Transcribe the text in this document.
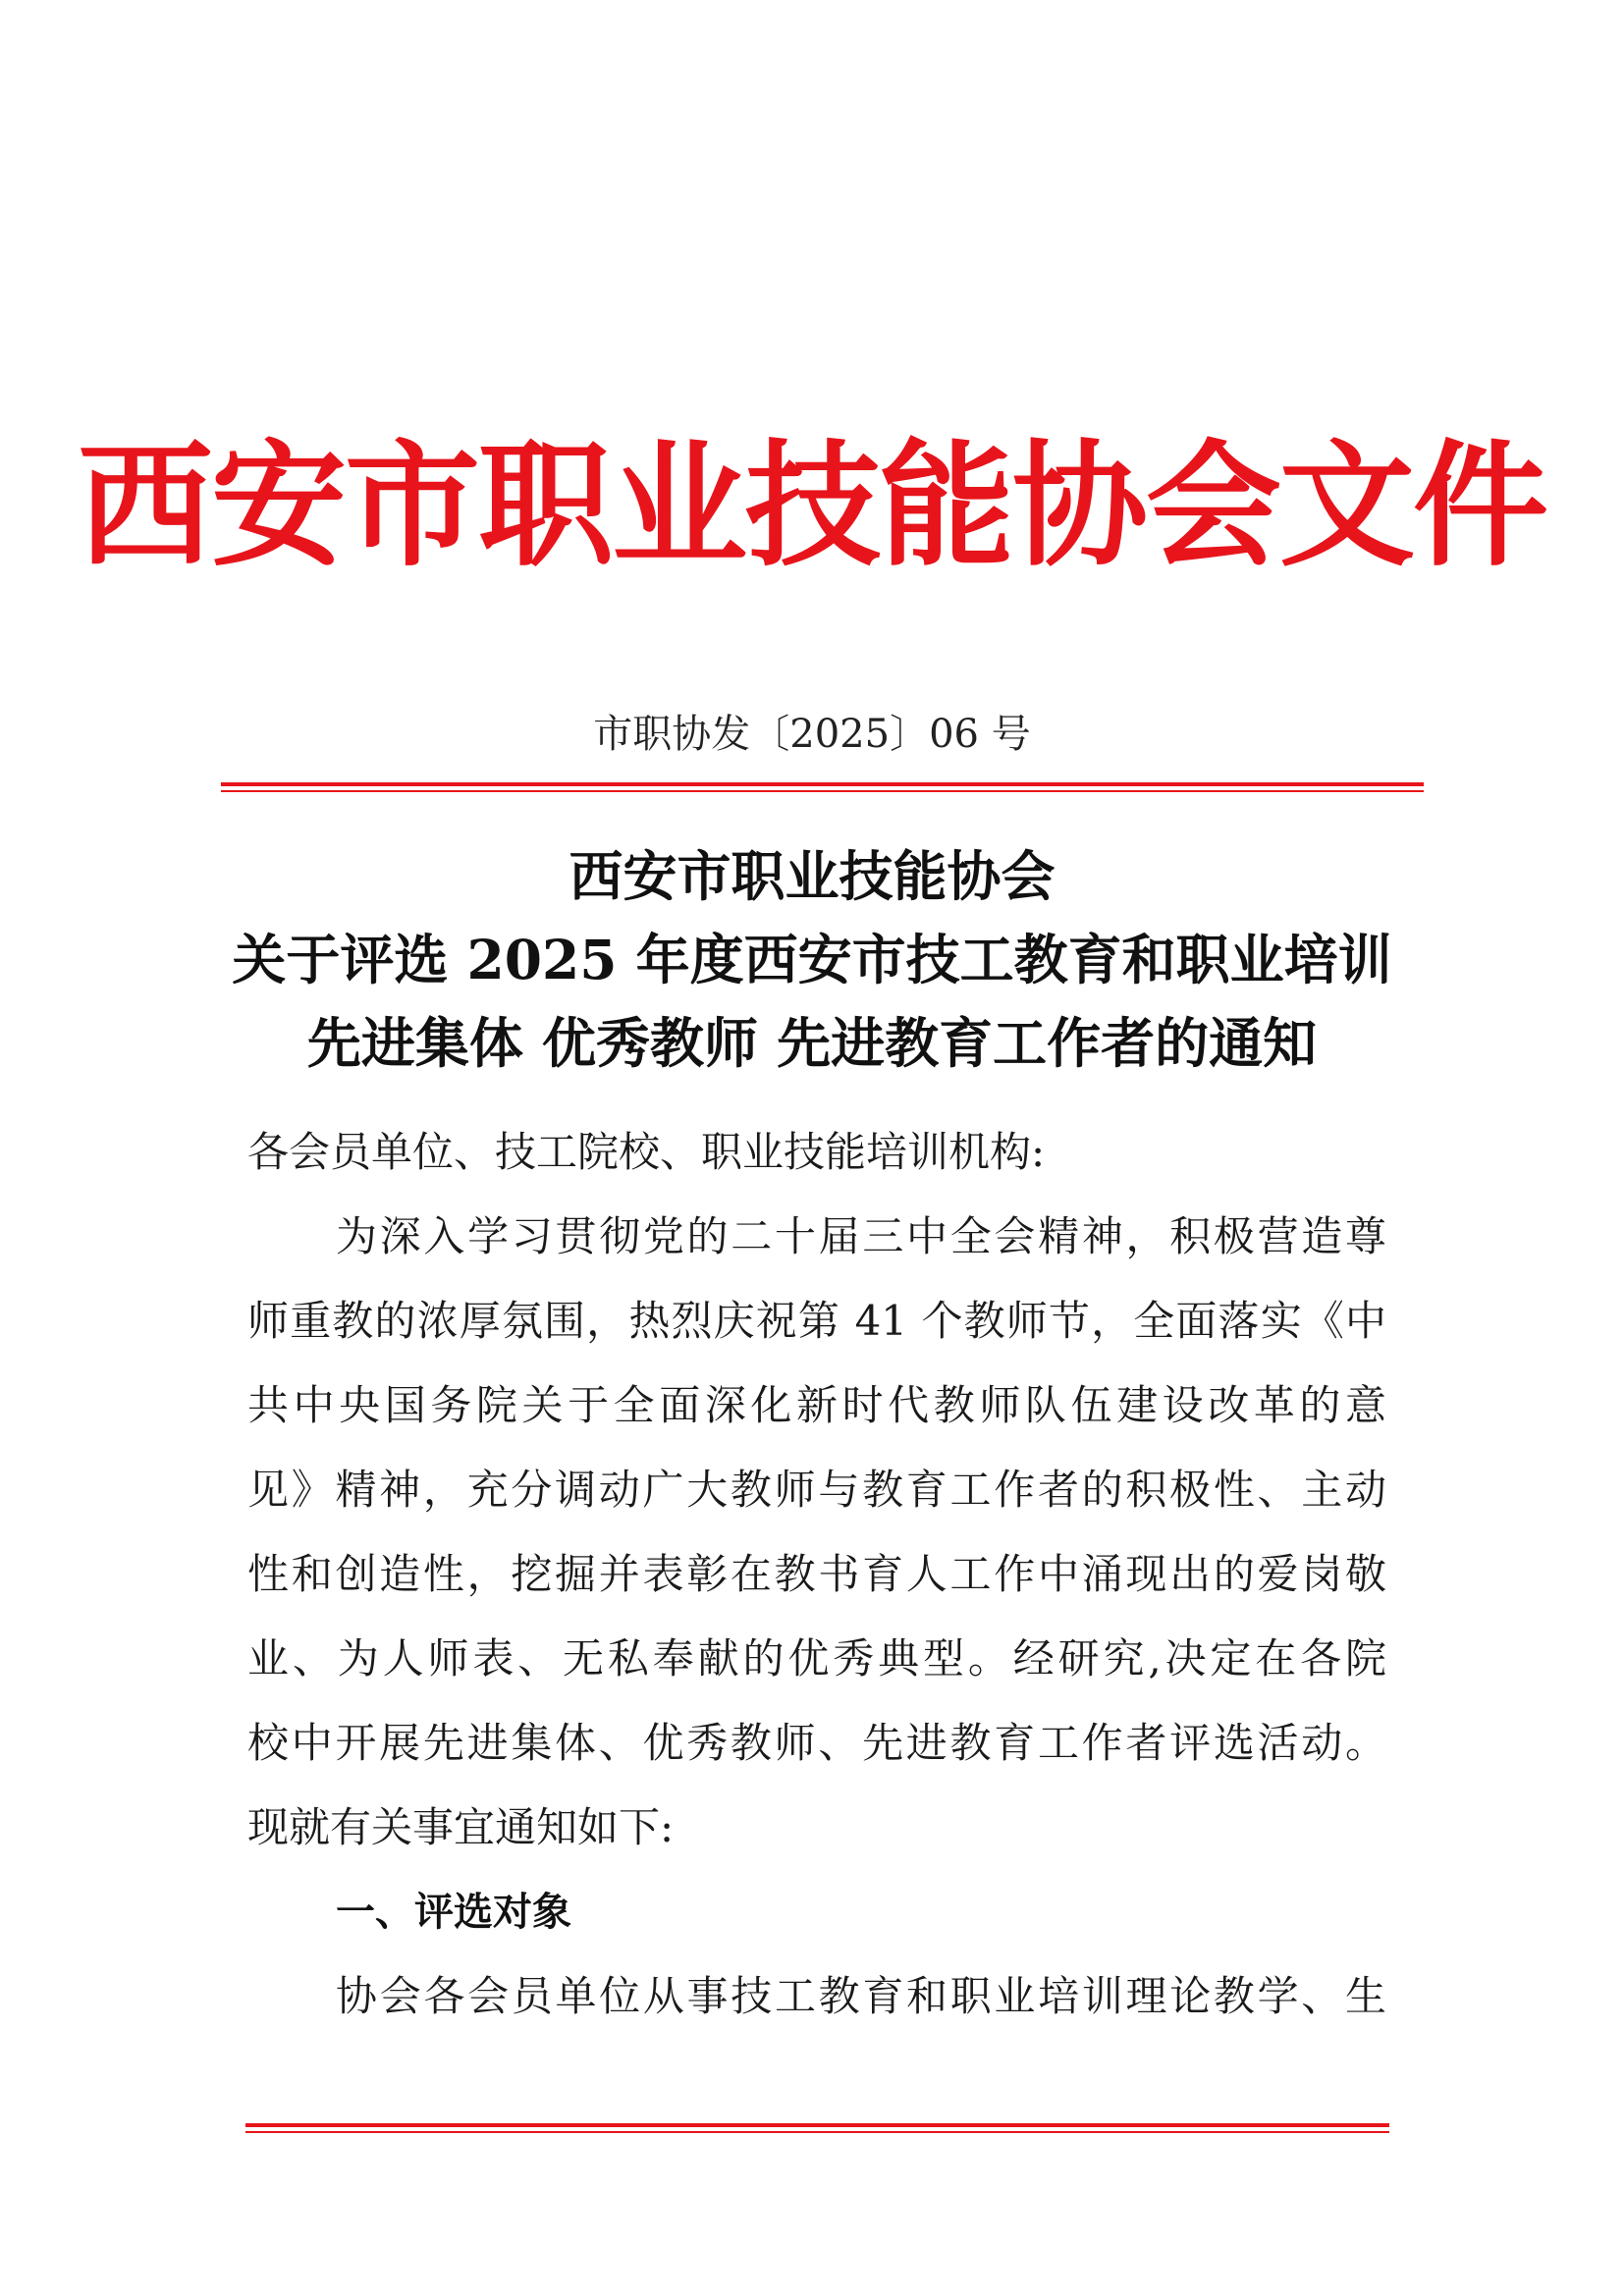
西安市职业技能协会文件
市职协发〔2025〕06 号
西安市职业技能协会
关于评选 2025 年度西安市技工教育和职业培训
先进集体 优秀教师 先进教育工作者的通知
各会员单位、技工院校、职业技能培训机构:
为深入学习贯彻党的二十届三中全会精神，积极营造尊
师重教的浓厚氛围，热烈庆祝第 41 个教师节，全面落实《中
共中央国务院关于全面深化新时代教师队伍建设改革的意
见》精神，充分调动广大教师与教育工作者的积极性、主动
性和创造性，挖掘并表彰在教书育人工作中涌现出的爱岗敬
业、为人师表、无私奉献的优秀典型。经研究,决定在各院
校中开展先进集体、优秀教师、先进教育工作者评选活动。
现就有关事宜通知如下:
一、评选对象
协会各会员单位从事技工教育和职业培训理论教学、生
